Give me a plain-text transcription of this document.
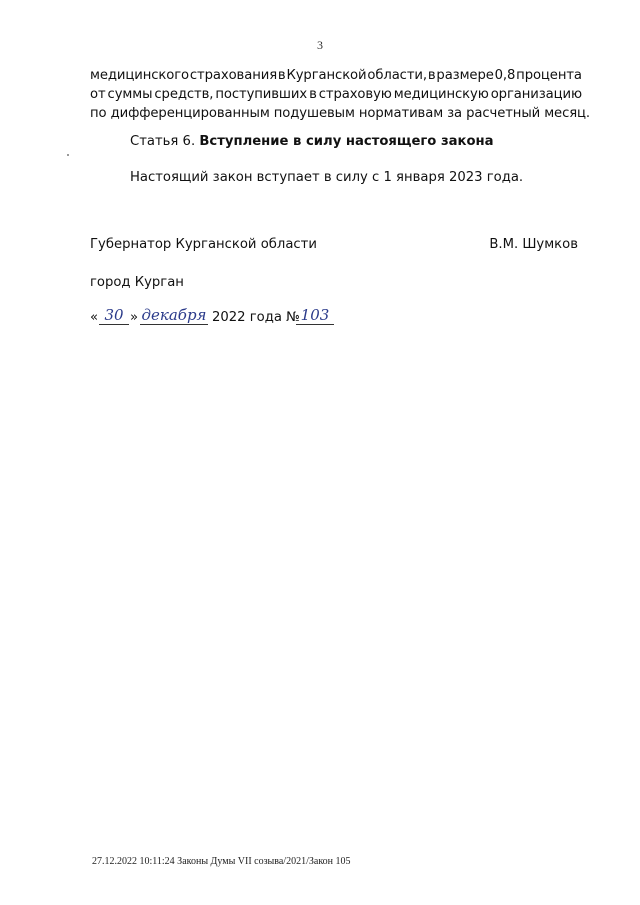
3
медицинского страхования в Курганской области, в размере 0,8 процента
от суммы средств, поступивших в страховую медицинскую организацию
по дифференцированным подушевым нормативам за расчетный месяц.
Статья 6. Вступление в силу настоящего закона
Настоящий закон вступает в силу с 1 января 2023 года.
Губернатор Курганской области	В.М. Шумков
город Курган
« 30 » декабря 2022 года № 103
27.12.2022 10:11:24 Законы Думы VII созыва/2021/Закон 105
